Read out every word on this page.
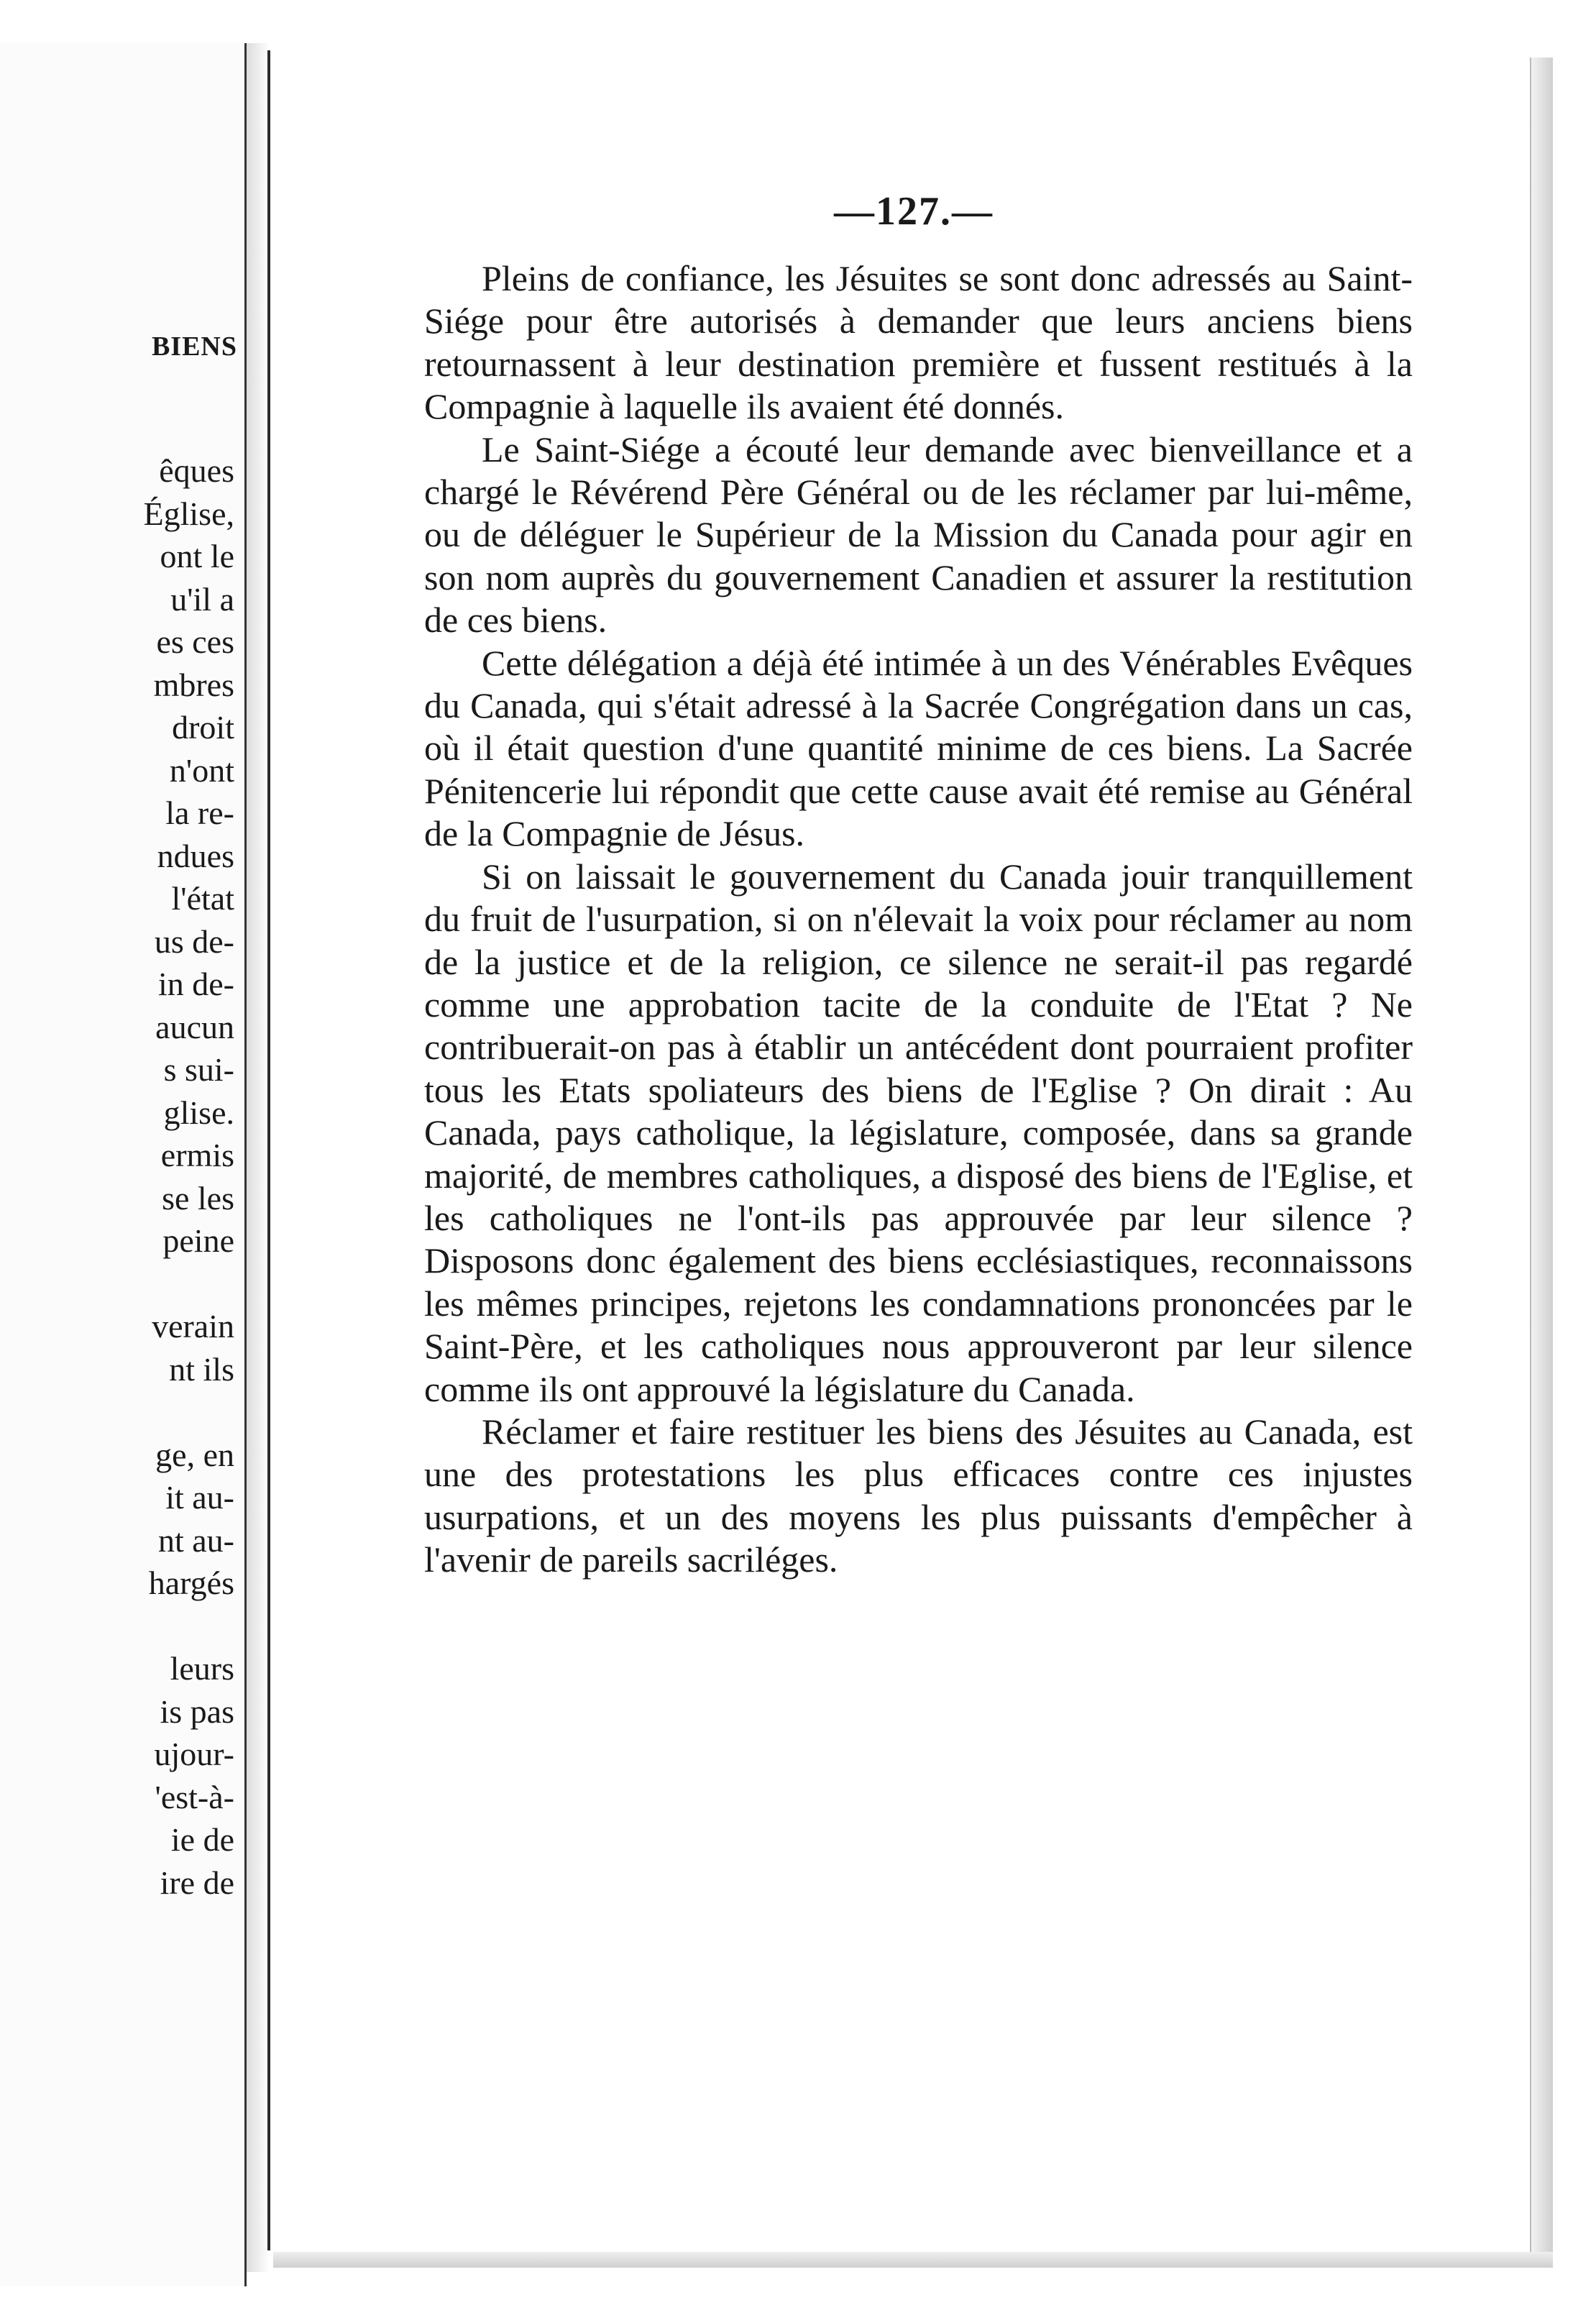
BIENS
êques
Église,
ont le
u'il a
es ces
mbres
droit
n'ont
la re-
ndues
l'état
us de-
in de-
aucun
s sui-
glise.
ermis
se les
peine
verain
nt ils
ge, en
it au-
nt au-
hargés
leurs
is pas
ujour-
'est-à-
ie de
ire de
—127.—

Pleins de confiance, les Jésuites se sont donc adressés au Saint-Siége pour être autorisés à demander que leurs anciens biens retournassent à leur destination première et fussent restitués à la Compagnie à laquelle ils avaient été donnés.

Le Saint-Siége a écouté leur demande avec bienveillance et a chargé le Révérend Père Général ou de les réclamer par lui-même, ou de déléguer le Supérieur de la Mission du Canada pour agir en son nom auprès du gouvernement Canadien et assurer la restitution de ces biens.

Cette délégation a déjà été intimée à un des Vénérables Evêques du Canada, qui s'était adressé à la Sacrée Congrégation dans un cas, où il était question d'une quantité minime de ces biens. La Sacrée Pénitencerie lui répondit que cette cause avait été remise au Général de la Compagnie de Jésus.

Si on laissait le gouvernement du Canada jouir tranquillement du fruit de l'usurpation, si on n'élevait la voix pour réclamer au nom de la justice et de la religion, ce silence ne serait-il pas regardé comme une approbation tacite de la conduite de l'Etat ? Ne contribuerait-on pas à établir un antécédent dont pourraient profiter tous les Etats spoliateurs des biens de l'Eglise ? On dirait : Au Canada, pays catholique, la législature, composée, dans sa grande majorité, de membres catholiques, a disposé des biens de l'Eglise, et les catholiques ne l'ont-ils pas approuvée par leur silence ? Disposons donc également des biens ecclésiastiques, reconnaissons les mêmes principes, rejetons les condamnations prononcées par le Saint-Père, et les catholiques nous approuveront par leur silence comme ils ont approuvé la législature du Canada.

Réclamer et faire restituer les biens des Jésuites au Canada, est une des protestations les plus efficaces contre ces injustes usurpations, et un des moyens les plus puissants d'empêcher à l'avenir de pareils sacriléges.
